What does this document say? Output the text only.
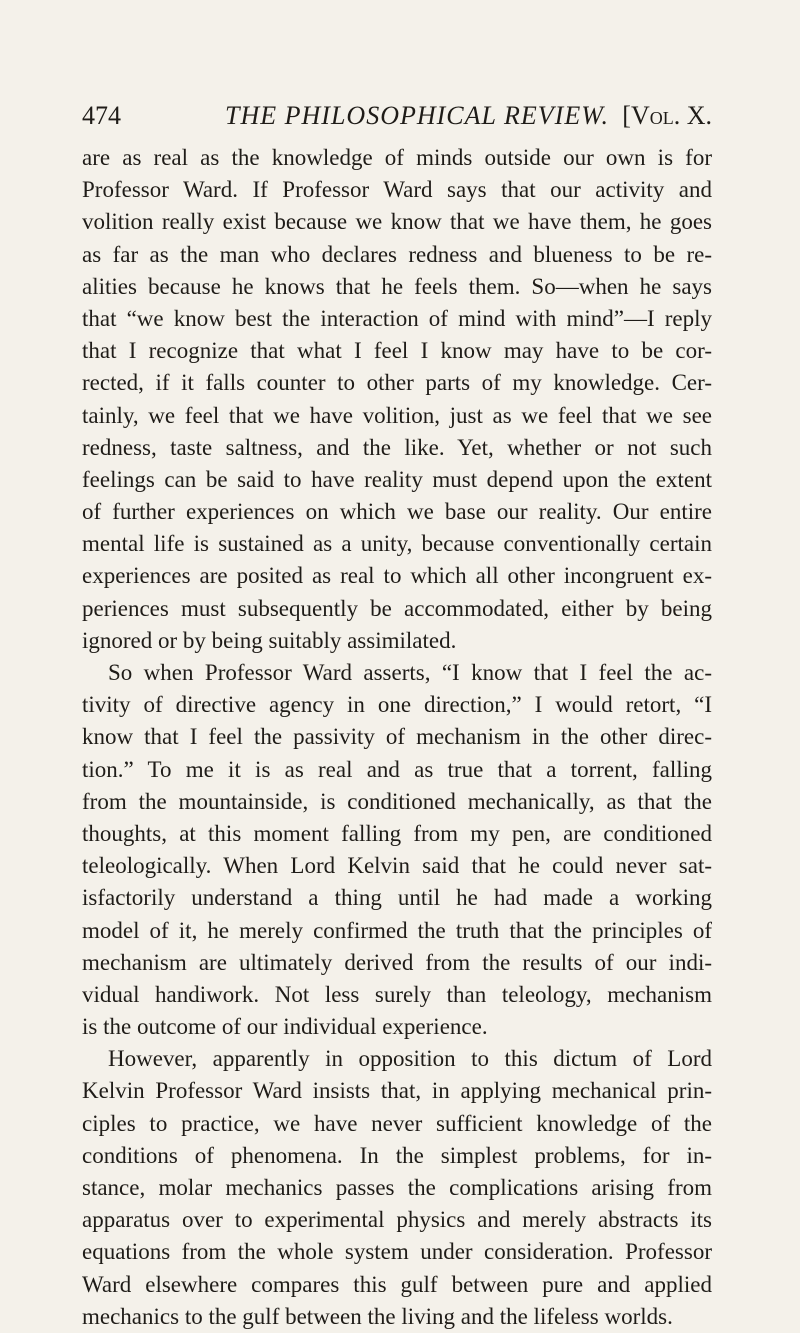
474	THE PHILOSOPHICAL REVIEW. [Vol. X.
are as real as the knowledge of minds outside our own is for
Professor Ward. If Professor Ward says that our activity and
volition really exist because we know that we have them, he goes
as far as the man who declares redness and blueness to be re-
alities because he knows that he feels them. So—when he says
that “we know best the interaction of mind with mind”—I reply
that I recognize that what I feel I know may have to be cor-
rected, if it falls counter to other parts of my knowledge. Cer-
tainly, we feel that we have volition, just as we feel that we see
redness, taste saltness, and the like. Yet, whether or not such
feelings can be said to have reality must depend upon the extent
of further experiences on which we base our reality. Our entire
mental life is sustained as a unity, because conventionally certain
experiences are posited as real to which all other incongruent ex-
periences must subsequently be accommodated, either by being
ignored or by being suitably assimilated.
So when Professor Ward asserts, “I know that I feel the ac-
tivity of directive agency in one direction,” I would retort, “I
know that I feel the passivity of mechanism in the other direc-
tion.” To me it is as real and as true that a torrent, falling
from the mountainside, is conditioned mechanically, as that the
thoughts, at this moment falling from my pen, are conditioned
teleologically. When Lord Kelvin said that he could never sat-
isfactorily understand a thing until he had made a working
model of it, he merely confirmed the truth that the principles of
mechanism are ultimately derived from the results of our indi-
vidual handiwork. Not less surely than teleology, mechanism
is the outcome of our individual experience.
However, apparently in opposition to this dictum of Lord
Kelvin Professor Ward insists that, in applying mechanical prin-
ciples to practice, we have never sufficient knowledge of the
conditions of phenomena. In the simplest problems, for in-
stance, molar mechanics passes the complications arising from
apparatus over to experimental physics and merely abstracts its
equations from the whole system under consideration. Professor
Ward elsewhere compares this gulf between pure and applied
mechanics to the gulf between the living and the lifeless worlds.
